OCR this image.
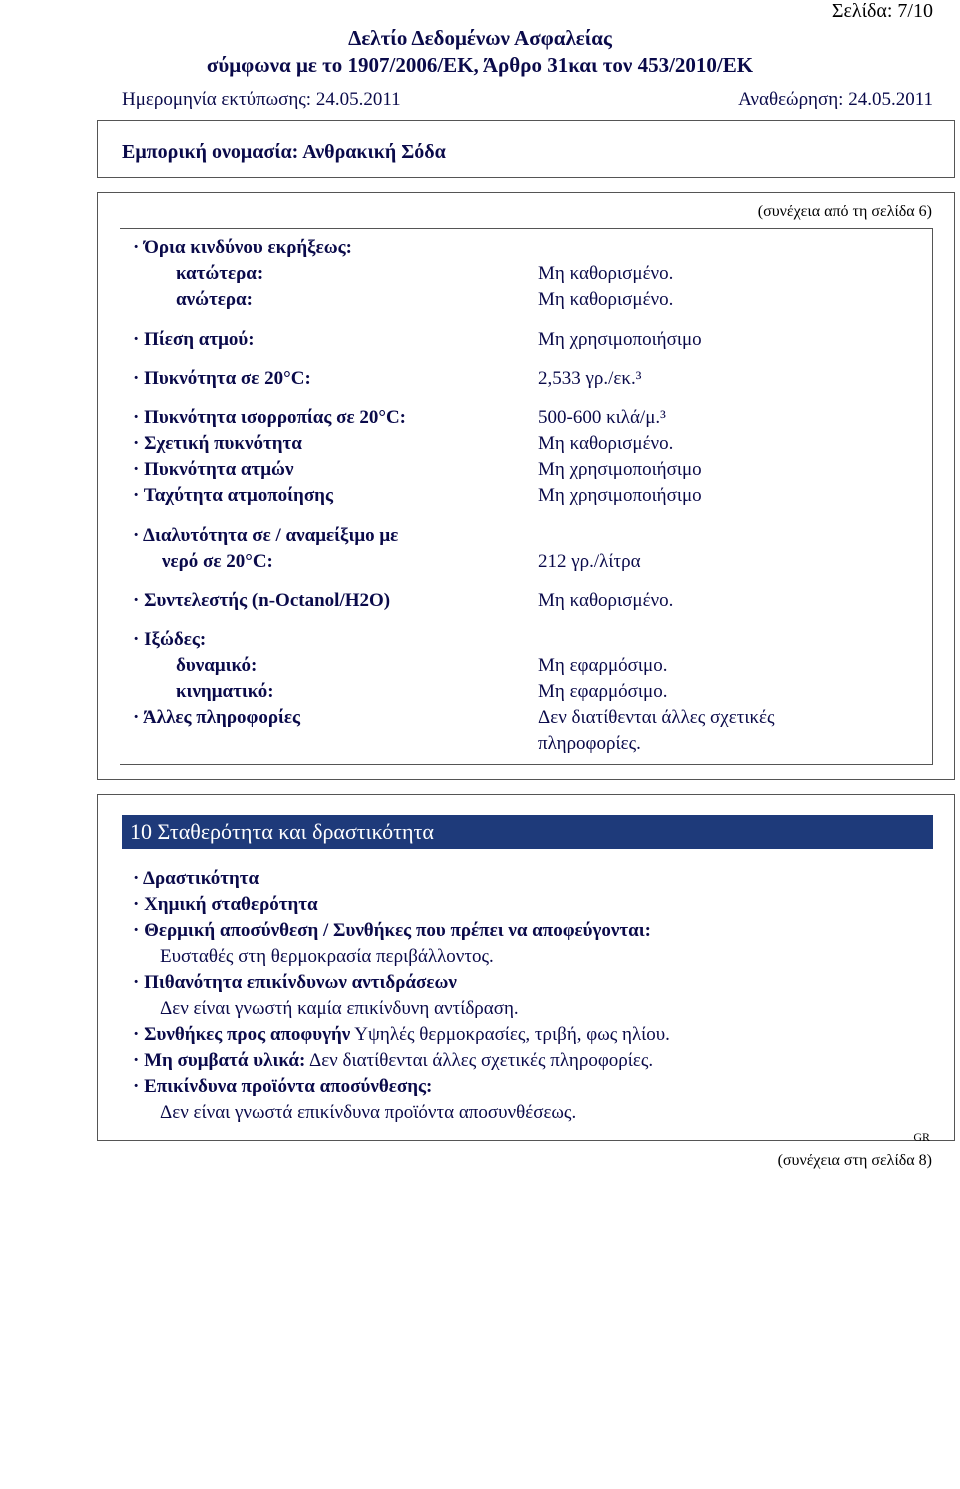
Σελίδα: 7/10
Δελτίο Δεδομένων Ασφαλείας
σύμφωνα με το 1907/2006/ΕΚ, Άρθρο 31και τον 453/2010/ΕΚ
Ημερομηνία εκτύπωσης: 24.05.2011	Αναθεώρηση: 24.05.2011
Εμπορική ονομασία: Ανθρακική Σόδα
(συνέχεια από τη σελίδα 6)
· Όρια κινδύνου εκρήξεως:
κατώτερα:	Μη καθορισμένο.
ανώτερα:	Μη καθορισμένο.
· Πίεση ατμού:	Μη χρησιμοποιήσιμο
· Πυκνότητα σε 20°C:	2,533 γρ./εκ.³
· Πυκνότητα ισορροπίας σε 20°C:	500-600 κιλά/μ.³
· Σχετική πυκνότητα	Μη καθορισμένο.
· Πυκνότητα ατμών	Μη χρησιμοποιήσιμο
· Ταχύτητα ατμοποίησης	Μη χρησιμοποιήσιμο
· Διαλυτότητα σε / αναμείξιμο με
νερό σε 20°C:	212 γρ./λίτρα
· Συντελεστής (n-Octanol/H2O)	Μη καθορισμένο.
· Ιξώδες:
δυναμικό:	Μη εφαρμόσιμο.
κινηματικό:	Μη εφαρμόσιμο.
· Άλλες πληροφορίες	Δεν διατίθενται άλλες σχετικές
πληροφορίες.
10 Σταθερότητα και δραστικότητα
· Δραστικότητα
· Χημική σταθερότητα
· Θερμική αποσύνθεση / Συνθήκες που πρέπει να αποφεύγονται:
Ευσταθές στη θερμοκρασία περιβάλλοντος.
· Πιθανότητα επικίνδυνων αντιδράσεων
Δεν είναι γνωστή καμία επικίνδυνη αντίδραση.
· Συνθήκες προς αποφυγήν Υψηλές θερμοκρασίες, τριβή, φως ηλίου.
· Μη συμβατά υλικά: Δεν διατίθενται άλλες σχετικές πληροφορίες.
· Επικίνδυνα προϊόντα αποσύνθεσης:
Δεν είναι γνωστά επικίνδυνα προϊόντα αποσυνθέσεως.
GR
(συνέχεια στη σελίδα 8)
